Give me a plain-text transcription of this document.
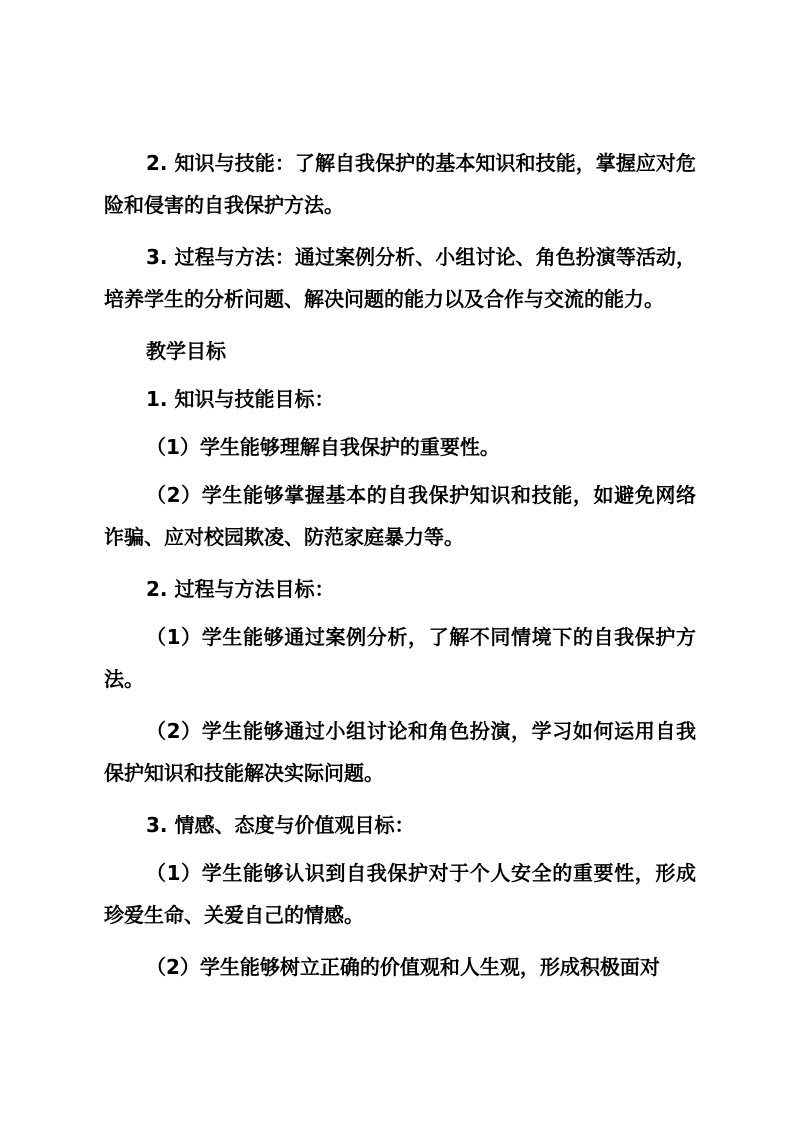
2. 知识与技能：了解自我保护的基本知识和技能，掌握应对危险和侵害的自我保护方法。

3. 过程与方法：通过案例分析、小组讨论、角色扮演等活动，培养学生的分析问题、解决问题的能力以及合作与交流的能力。

教学目标

1. 知识与技能目标：

（1）学生能够理解自我保护的重要性。

（2）学生能够掌握基本的自我保护知识和技能，如避免网络诈骗、应对校园欺凌、防范家庭暴力等。

2. 过程与方法目标：

（1）学生能够通过案例分析，了解不同情境下的自我保护方法。

（2）学生能够通过小组讨论和角色扮演，学习如何运用自我保护知识和技能解决实际问题。

3. 情感、态度与价值观目标：

（1）学生能够认识到自我保护对于个人安全的重要性，形成珍爱生命、关爱自己的情感。

（2）学生能够树立正确的价值观和人生观，形成积极面对
